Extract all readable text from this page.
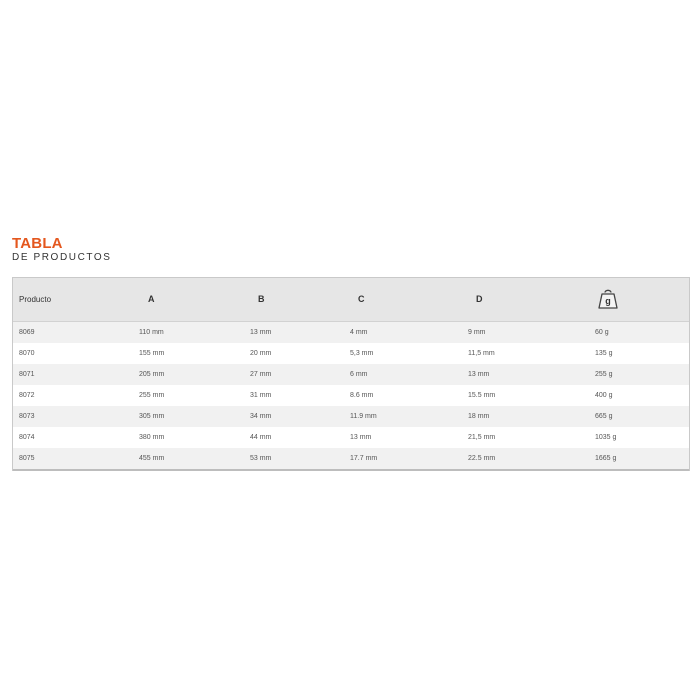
TABLA
DE PRODUCTOS
Producto	A	B	C	D	g
8069	110 mm	13 mm	4 mm	9 mm	60 g
8070	155 mm	20 mm	5,3 mm	11,5 mm	135 g
8071	205 mm	27 mm	6 mm	13 mm	255 g
8072	255 mm	31 mm	8.6 mm	15.5 mm	400 g
8073	305 mm	34 mm	11.9 mm	18 mm	665 g
8074	380 mm	44 mm	13 mm	21,5 mm	1035 g
8075	455 mm	53 mm	17.7 mm	22.5 mm	1665 g
